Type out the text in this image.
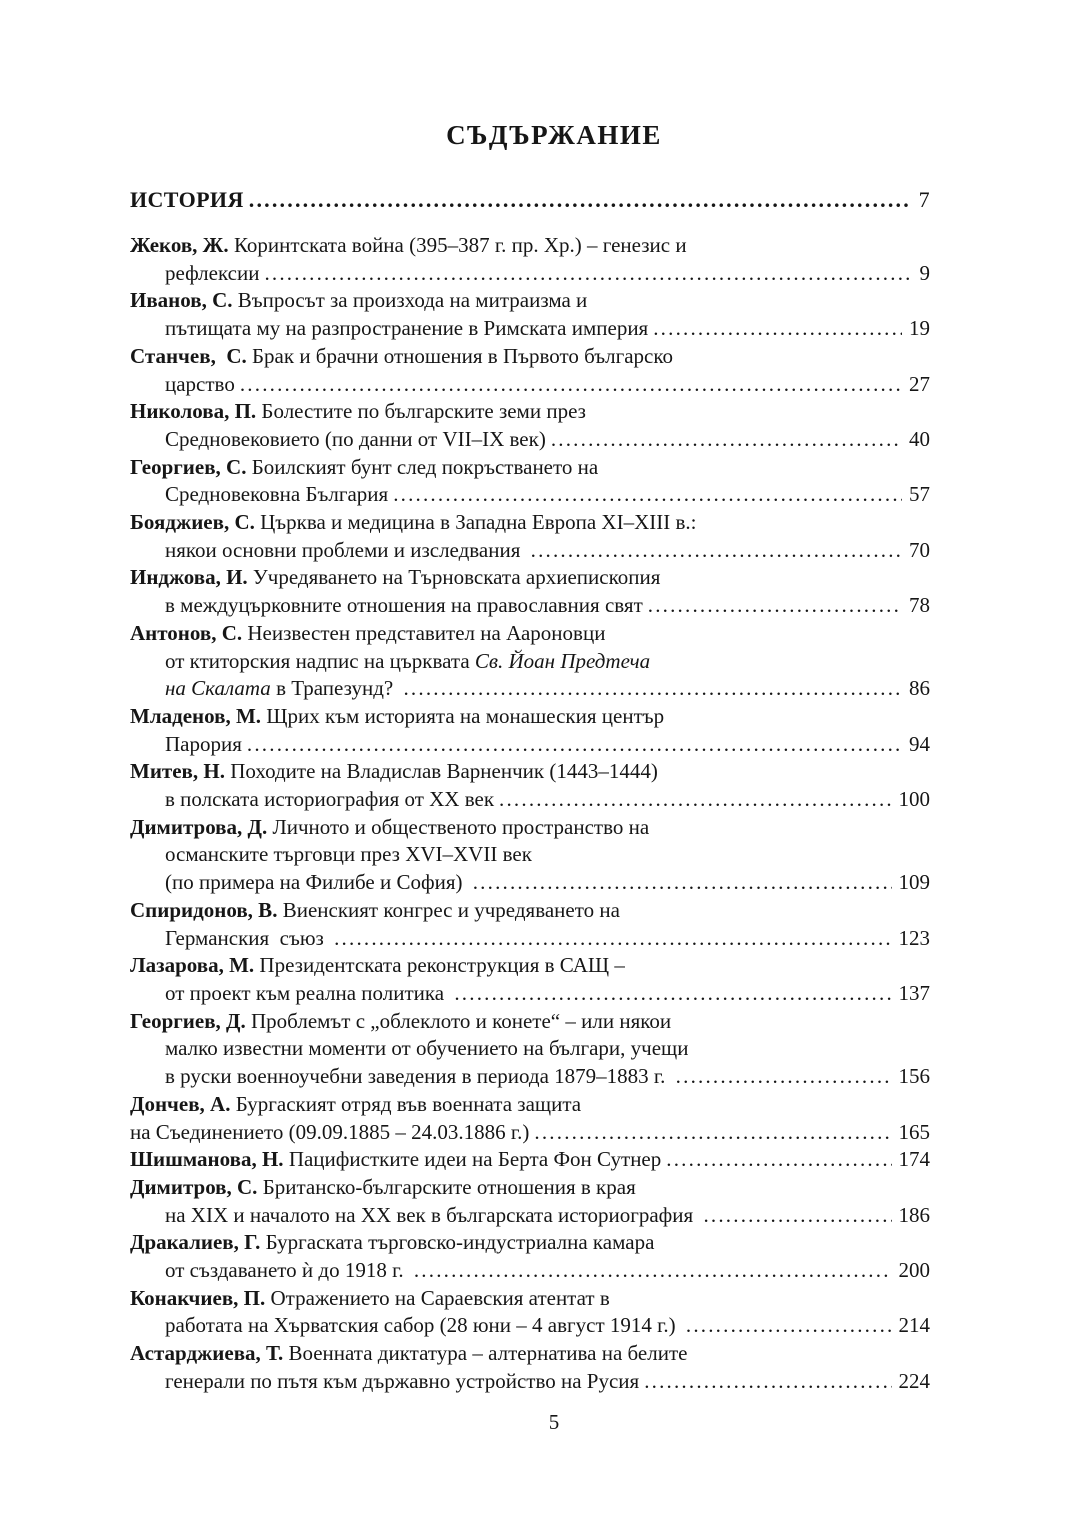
СЪДЪРЖАНИЕ
ИСТОРИЯ .....	7
Жеков, Ж. Коринтската война (395–387 г. пр. Хр.) – генезис и
рефлексии .....	9
Иванов, С. Въпросът за произхода на митраизма и
пътищата му на разпространение в Римската империя .....	19
Станчев,  С. Брак и брачни отношения в Първото българско
царство .....	27
Николова, П. Болестите по българските земи през
Средновековието (по данни от VII–IX век) .....	40
Георгиев, С. Боилският бунт след покръстването на
Средновековна България .....	57
Бояджиев, С. Църква и медицина в Западна Европа XI–XIII в.:
някои основни проблеми и изследвания .....	70
Инджова, И. Учредяването на Търновската архиепископия
в междуцърковните отношения на православния свят .....	78
Антонов, С. Неизвестен представител на Аароновци
от ктиторския надпис на църквата Св. Йоан Предтеча
на Скалата в Трапезунд? .....	86
Младенов, М. Щрих към историята на монашеския център
Парория .....	94
Митев, Н. Походите на Владислав Варненчик (1443–1444)
в полската историография от XX век .....	100
Димитрова, Д. Личното и общественото пространство на
османските търговци през XVI–XVII век
(по примера на Филибе и София) .....	109
Спиридонов, В. Виенският конгрес и учредяването на
Германския  съюз .....	123
Лазарова, М. Президентската реконструкция в САЩ –
от проект към реална политика .....	137
Георгиев, Д. Проблемът с „облеклото и конете“ – или някои
малко известни моменти от обучението на българи, учещи
в руски военноучебни заведения в периода 1879–1883 г. .....	156
Дончев, А. Бургаският отряд във военната защита
на Съединението (09.09.1885 – 24.03.1886 г.) .....	165
Шишманова, Н. Пацифистките идеи на Берта Фон Сутнер .....	174
Димитров, С. Британско-българските отношения в края
на XIX и началото на XX век в българската историография .....	186
Дракалиев, Г. Бургаската търговско-индустриална камара
от създаването ѝ до 1918 г. .....	200
Конакчиев, П. Отражението на Сараевския атентат в
работата на Хърватския сабор (28 юни – 4 август 1914 г.) .....	214
Астарджиева, Т. Военната диктатура – алтернатива на белите
генерали по пътя към държавно устройство на Русия .....	224
5
